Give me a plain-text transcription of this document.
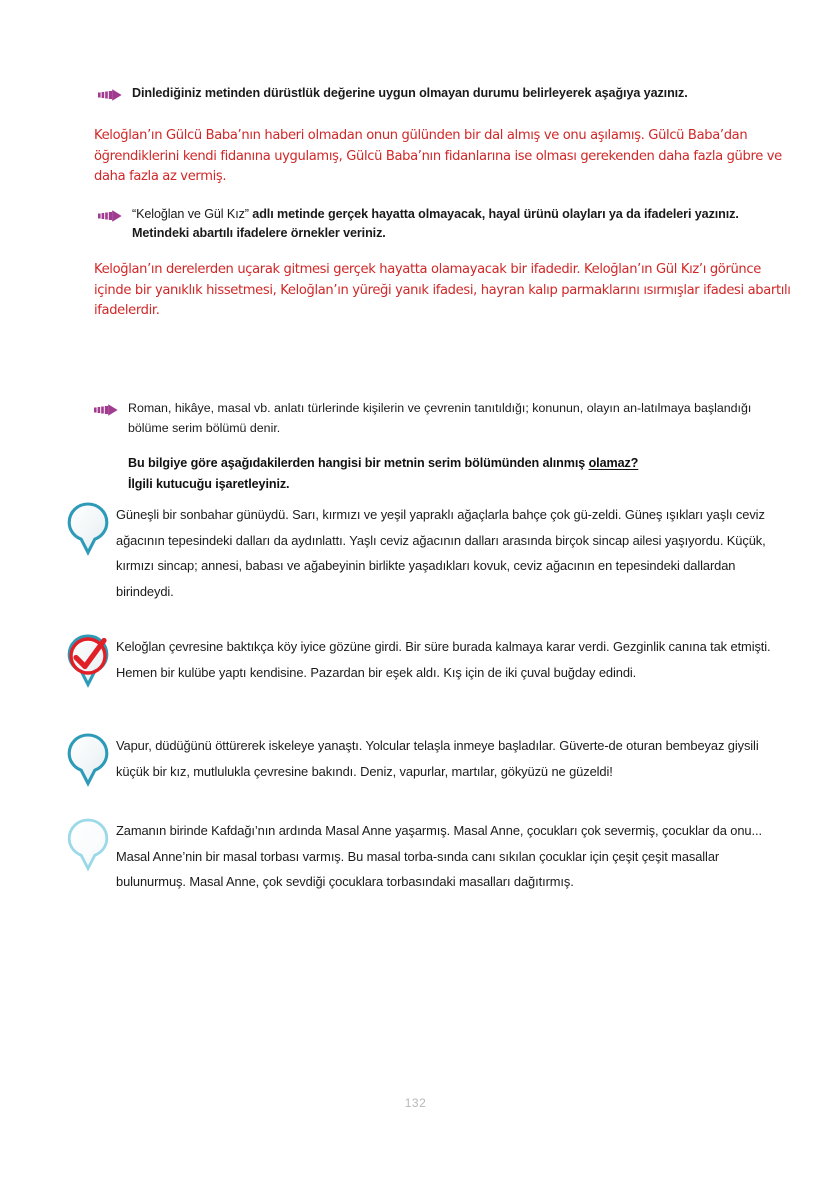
Dinlediğiniz metinden dürüstlük değerine uygun olmayan durumu belirleyerek aşağıya yazınız.
Keloğlan’ın Gülcü Baba’nın haberi olmadan onun gülünden bir dal almış ve onu aşılamış. Gülcü Baba’dan öğrendiklerini kendi fidanına uygulamış, Gülcü Baba’nın fidanlarına ise olması gerekenden daha fazla gübre ve daha fazla az vermiş.
“Keloğlan ve Gül Kız” adlı metinde gerçek hayatta olmayacak, hayal ürünü olayları ya da ifadeleri yazınız. Metindeki abartılı ifadelere örnekler veriniz.
Keloğlan’ın derelerden uçarak gitmesi gerçek hayatta olamayacak bir ifadedir. Keloğlan’ın Gül Kız’ı görünce içinde bir yanıklık hissetmesi, Keloğlan’ın yüreği yanık ifadesi, hayran kalıp parmaklarını ısırmışlar ifadesi abartılı ifadelerdir.
Roman, hikâye, masal vb. anlatı türlerinde kişilerin ve çevrenin tanıtıldığı; konunun, olayın an-latılmaya başlandığı bölüme serim bölümü denir.
Bu bilgiye göre aşağıdakilerden hangisi bir metnin serim bölümünden alınmış olamaz?
İlgili kutucuğu işaretleyiniz.
Güneşli bir sonbahar günüydü. Sarı, kırmızı ve yeşil yapraklı ağaçlarla bahçe çok gü-zeldi. Güneş ışıkları yaşlı ceviz ağacının tepesindeki dalları da aydınlattı. Yaşlı ceviz ağacının dalları arasında birçok sincap ailesi yaşıyordu. Küçük, kırmızı sincap; annesi, babası ve ağabeyinin birlikte yaşadıkları kovuk, ceviz ağacının en tepesindeki dallardan birindeydi.
Keloğlan çevresine baktıkça köy iyice gözüne girdi. Bir süre burada kalmaya karar verdi. Gezginlik canına tak etmişti. Hemen bir kulübe yaptı kendisine. Pazardan bir eşek aldı. Kış için de iki çuval buğday edindi.
Vapur, düdüğünü öttürerek iskeleye yanaştı. Yolcular telaşla inmeye başladılar. Güverte-de oturan bembeyaz giysili küçük bir kız, mutlulukla çevresine bakındı. Deniz, vapurlar, martılar, gökyüzü ne güzeldi!
Zamanın birinde Kafdağı’nın ardında Masal Anne yaşarmış. Masal Anne, çocukları çok severmiş, çocuklar da onu... Masal Anne’nin bir masal torbası varmış. Bu masal torba-sında canı sıkılan çocuklar için çeşit çeşit masallar bulunurmuş. Masal Anne, çok sevdiği çocuklara torbasındaki masalları dağıtırmış.
132
